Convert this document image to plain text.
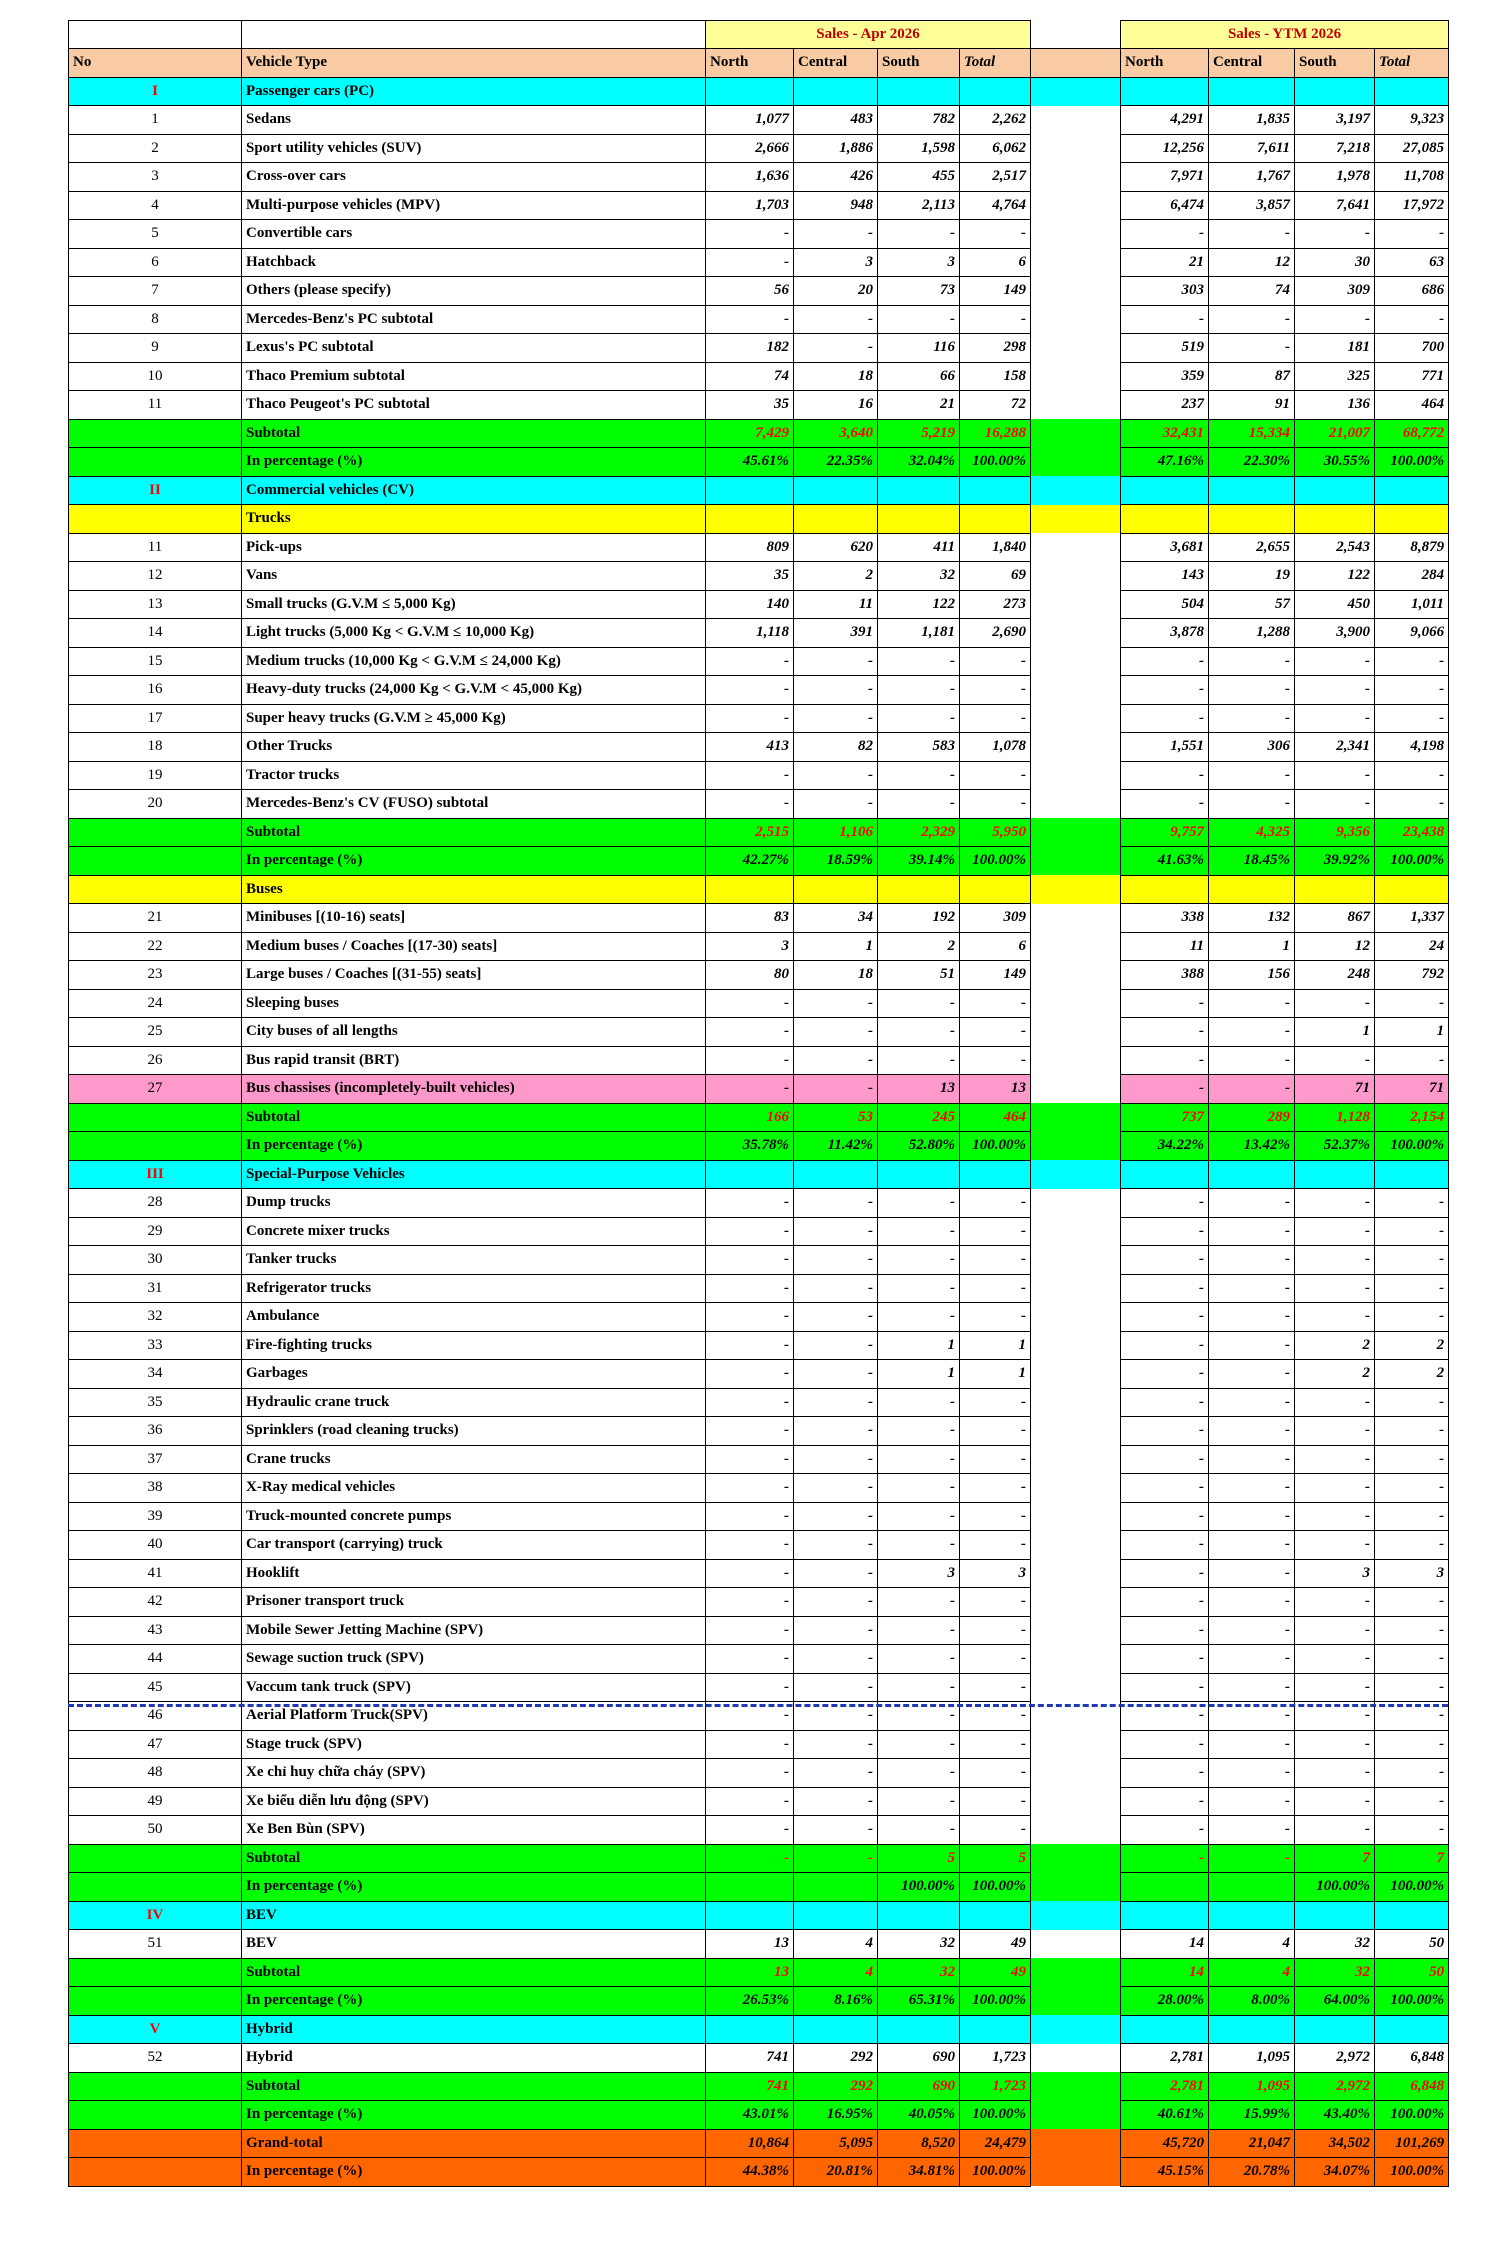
		Sales - Apr 2026					Sales - YTM 2026			
No	Vehicle Type	North	Central	South	Total		North	Central	South	Total
I	Passenger cars (PC)									
1	Sedans	1,077	483	782	2,262		4,291	1,835	3,197	9,323
2	Sport utility vehicles (SUV)	2,666	1,886	1,598	6,062		12,256	7,611	7,218	27,085
3	Cross-over cars	1,636	426	455	2,517		7,971	1,767	1,978	11,708
4	Multi-purpose vehicles (MPV)	1,703	948	2,113	4,764		6,474	3,857	7,641	17,972
5	Convertible cars	-	-	-	-		-	-	-	-
6	Hatchback	-	3	3	6		21	12	30	63
7	Others (please specify)	56	20	73	149		303	74	309	686
8	Mercedes-Benz's PC subtotal	-	-	-	-		-	-	-	-
9	Lexus's PC subtotal	182	-	116	298		519	-	181	700
10	Thaco Premium subtotal	74	18	66	158		359	87	325	771
11	Thaco Peugeot's PC subtotal	35	16	21	72		237	91	136	464
	Subtotal	7,429	3,640	5,219	16,288		32,431	15,334	21,007	68,772
	In percentage (%)	45.61%	22.35%	32.04%	100.00%		47.16%	22.30%	30.55%	100.00%
II	Commercial vehicles (CV)									
	Trucks									
11	Pick-ups	809	620	411	1,840		3,681	2,655	2,543	8,879
12	Vans	35	2	32	69		143	19	122	284
13	Small trucks (G.V.M ≤ 5,000 Kg)	140	11	122	273		504	57	450	1,011
14	Light trucks (5,000 Kg < G.V.M ≤ 10,000 Kg)	1,118	391	1,181	2,690		3,878	1,288	3,900	9,066
15	Medium trucks (10,000 Kg < G.V.M ≤ 24,000 Kg)	-	-	-	-		-	-	-	-
16	Heavy-duty trucks (24,000 Kg < G.V.M < 45,000 Kg)	-	-	-	-		-	-	-	-
17	Super heavy trucks (G.V.M ≥ 45,000 Kg)	-	-	-	-		-	-	-	-
18	Other Trucks	413	82	583	1,078		1,551	306	2,341	4,198
19	Tractor trucks	-	-	-	-		-	-	-	-
20	Mercedes-Benz's CV (FUSO) subtotal	-	-	-	-		-	-	-	-
	Subtotal	2,515	1,106	2,329	5,950		9,757	4,325	9,356	23,438
	In percentage (%)	42.27%	18.59%	39.14%	100.00%		41.63%	18.45%	39.92%	100.00%
	Buses									
21	Minibuses [(10-16) seats]	83	34	192	309		338	132	867	1,337
22	Medium buses / Coaches [(17-30) seats]	3	1	2	6		11	1	12	24
23	Large buses / Coaches [(31-55) seats]	80	18	51	149		388	156	248	792
24	Sleeping buses	-	-	-	-		-	-	-	-
25	City buses of all lengths	-	-	-	-		-	-	1	1
26	Bus rapid transit (BRT)	-	-	-	-		-	-	-	-
27	Bus chassises (incompletely-built vehicles)	-	-	13	13		-	-	71	71
	Subtotal	166	53	245	464		737	289	1,128	2,154
	In percentage (%)	35.78%	11.42%	52.80%	100.00%		34.22%	13.42%	52.37%	100.00%
III	Special-Purpose Vehicles									
28	Dump trucks	-	-	-	-		-	-	-	-
29	Concrete mixer trucks	-	-	-	-		-	-	-	-
30	Tanker trucks	-	-	-	-		-	-	-	-
31	Refrigerator trucks	-	-	-	-		-	-	-	-
32	Ambulance	-	-	-	-		-	-	-	-
33	Fire-fighting trucks	-	-	1	1		-	-	2	2
34	Garbages	-	-	1	1		-	-	2	2
35	Hydraulic crane truck	-	-	-	-		-	-	-	-
36	Sprinklers (road cleaning trucks)	-	-	-	-		-	-	-	-
37	Crane trucks	-	-	-	-		-	-	-	-
38	X-Ray medical vehicles	-	-	-	-		-	-	-	-
39	Truck-mounted concrete pumps	-	-	-	-		-	-	-	-
40	Car transport (carrying) truck	-	-	-	-		-	-	-	-
41	Hooklift	-	-	3	3		-	-	3	3
42	Prisoner transport truck	-	-	-	-		-	-	-	-
43	Mobile Sewer Jetting Machine (SPV)	-	-	-	-		-	-	-	-
44	Sewage suction truck (SPV)	-	-	-	-		-	-	-	-
45	Vaccum tank truck (SPV)	-	-	-	-		-	-	-	-
46	Aerial Platform Truck(SPV)	-	-	-	-		-	-	-	-
47	Stage truck (SPV)	-	-	-	-		-	-	-	-
48	Xe chỉ huy chữa cháy (SPV)	-	-	-	-		-	-	-	-
49	Xe biểu diễn lưu động (SPV)	-	-	-	-		-	-	-	-
50	Xe Ben Bùn (SPV)	-	-	-	-		-	-	-	-
	Subtotal	-	-	5	5		-	-	7	7
	In percentage (%)			100.00%	100.00%				100.00%	100.00%
IV	BEV									
51	BEV	13	4	32	49		14	4	32	50
	Subtotal	13	4	32	49		14	4	32	50
	In percentage (%)	26.53%	8.16%	65.31%	100.00%		28.00%	8.00%	64.00%	100.00%
V	Hybrid									
52	Hybrid	741	292	690	1,723		2,781	1,095	2,972	6,848
	Subtotal	741	292	690	1,723		2,781	1,095	2,972	6,848
	In percentage (%)	43.01%	16.95%	40.05%	100.00%		40.61%	15.99%	43.40%	100.00%
	Grand-total	10,864	5,095	8,520	24,479		45,720	21,047	34,502	101,269
	In percentage (%)	44.38%	20.81%	34.81%	100.00%		45.15%	20.78%	34.07%	100.00%
